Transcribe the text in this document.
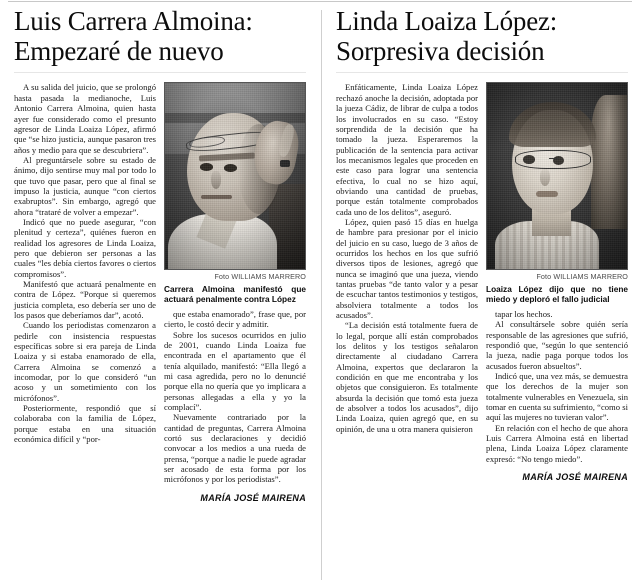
Luis Carrera Almoina:
Empezaré de nuevo

A su salida del juicio, que se prolongó hasta pasada la medianoche, Luis Antonio Carrera Almoina, quien hasta ayer fue considerado como el presunto agresor de Linda Loaiza López, afirmó que “se hizo justicia, aunque pasaron tres años y medio para que se descubriera”.

Al preguntársele sobre su estado de ánimo, dijo sentirse muy mal por todo lo que tuvo que pasar, pero que al final se impuso la justicia, aunque “con ciertos exabruptos”. Sin embargo, agregó que ahora “trataré de volver a empezar”.

Indicó que no puede asegurar, “con plenitud y certeza”, quiénes fueron en realidad los agresores de Linda Loaiza, pero que debieron ser personas a las cuales “les debía ciertos favores o ciertos compromisos”.

Manifestó que actuará penalmente en contra de López. “Porque si queremos justicia completa, eso debería ser uno de los pasos que deberíamos dar”, acotó.

Cuando los periodistas comenzaron a pedirle con insistencia respuestas específicas sobre si era pareja de Linda Loaiza y si estaba enamorado de ella, Carrera Almoina se comenzó a incomodar, por lo que consideró “un acoso y un sometimiento con los micrófonos”.

Posteriormente, respondió que sí colaboraba con la familia de López, porque estaba en una situación económica difícil y “por-

Foto WILLIAMS MARRERO
Carrera Almoina manifestó que actuará penalmente contra López

que estaba enamorado”, frase que, por cierto, le costó decir y admitir.

Sobre los sucesos ocurridos en julio de 2001, cuando Linda Loaiza fue encontrada en el apartamento que él tenía alquilado, manifestó: “Ella llegó a mi casa agredida, pero no lo denuncié porque ella no quería que yo implicara a personas allegadas a ella y yo la complací”.

Nuevamente contrariado por la cantidad de preguntas, Carrera Almoina cortó sus declaraciones y decidió convocar a los medios a una rueda de prensa, “porque a nadie le puede agradar ser acosado de esta forma por los micrófonos y por los periodistas”.

MARÍA JOSÉ MAIRENA
Linda Loaiza López:
Sorpresiva decisión

Enfáticamente, Linda Loaiza López rechazó anoche la decisión, adoptada por la jueza Cádiz, de librar de culpa a todos los involucrados en su caso. “Estoy sorprendida de la decisión que ha tomado la jueza. Esperaremos la publicación de la sentencia para activar los mecanismos legales que proceden en este caso para lograr una sentencia efectiva, lo cual no se hizo aquí, obviando una cantidad de pruebas, porque están totalmente comprobados cada uno de los delitos”, aseguró.

López, quien pasó 15 días en huelga de hambre para presionar por el inicio del juicio en su caso, luego de 3 años de ocurridos los hechos en los que sufrió diversos tipos de lesiones, agregó que nunca se imaginó que una jueza, viendo tantas pruebas “de tanto valor y a pesar de escuchar tantos testimonios y testigos, absolviera totalmente a todos los acusados”.

“La decisión está totalmente fuera de lo legal, porque allí están comprobados los delitos y los testigos señalaron directamente al ciudadano Carrera Almoina, expertos que declararon la condición en que me encontraba y los objetos que consiguieron. Es totalmente absurda la decisión que tomó esta jueza de absolver a todos los acusados”, dijo Linda Loaiza, quien agregó que, en su opinión, de una u otra manera quisieron

Foto WILLIAMS MARRERO
Loaiza López dijo que no tiene miedo y deploró el fallo judicial

tapar los hechos.

Al consultársele sobre quién sería responsable de las agresiones que sufrió, respondió que, “según lo que sentenció la jueza, nadie paga porque todos los acusados fueron absueltos”.

Indicó que, una vez más, se demuestra que los derechos de la mujer son totalmente vulnerables en Venezuela, sin tomar en cuenta su sufrimiento, “como si aquí las mujeres no tuvieran valor”.

En relación con el hecho de que ahora Luis Carrera Almoina está en libertad plena, Linda Loaiza López claramente expresó: “No tengo miedo”.

MARÍA JOSÉ MAIRENA
